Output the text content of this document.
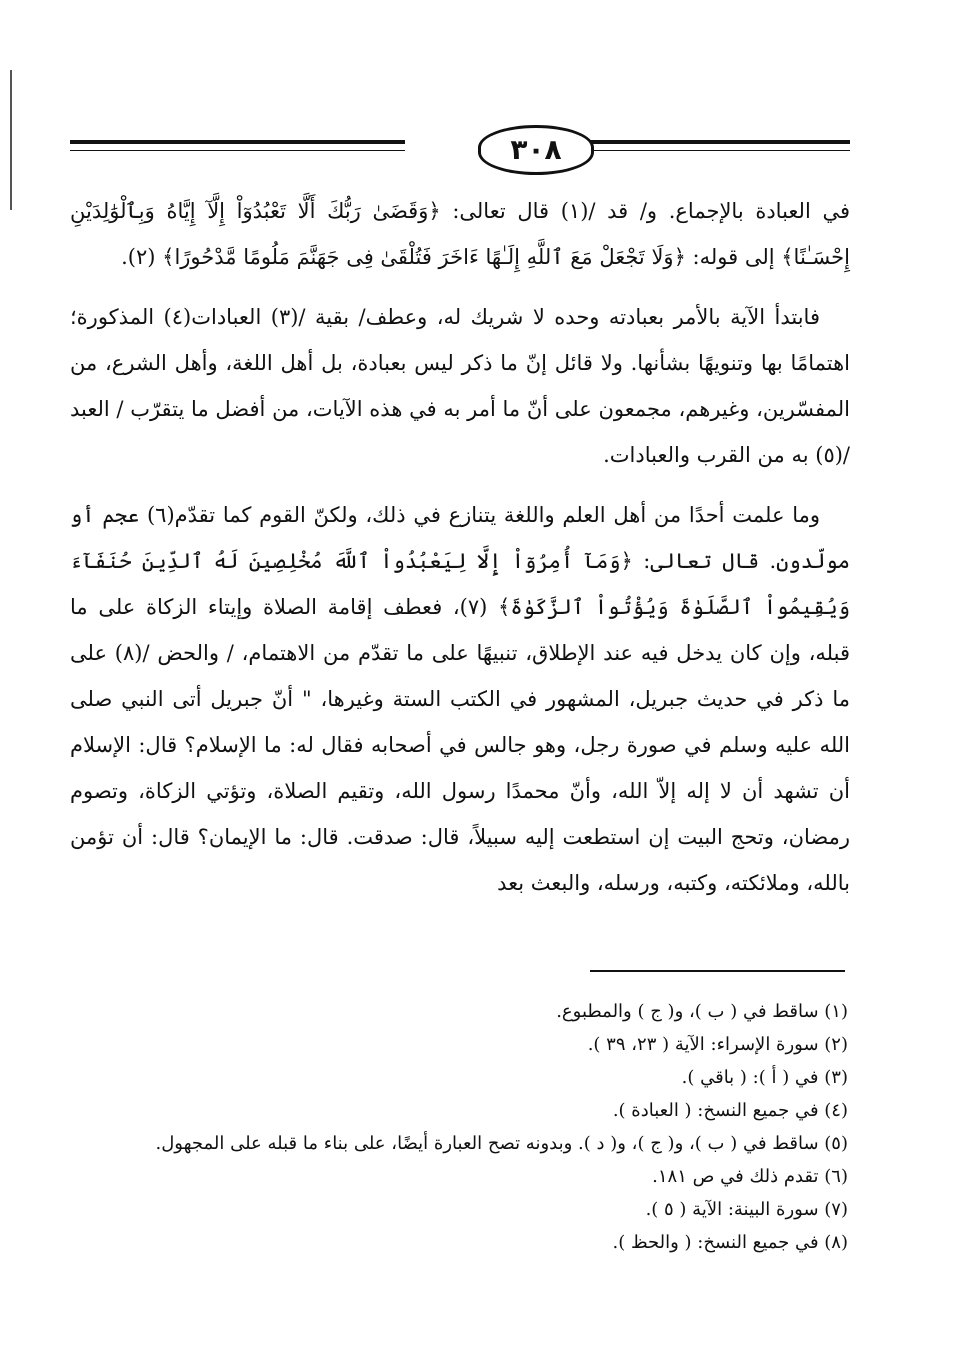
٣٠٨

في العبادة بالإجماع. و/ قد /(١) قال تعالى: ﴿وَقَضَىٰ رَبُّكَ أَلَّا تَعْبُدُوٓاْ إِلَّآ إِيَّاهُ وَبِٱلْوَٰلِدَيْنِ إِحْسَـٰنًا﴾ إلى قوله: ﴿وَلَا تَجْعَلْ مَعَ ٱللَّهِ إِلَـٰهًا ءَاخَرَ فَتُلْقَىٰ فِى جَهَنَّمَ مَلُومًا مَّدْحُورًا﴾ (٢).

فابتدأ الآية بالأمر بعبادته وحده لا شريك له، وعطف/ بقية /(٣) العبادات(٤) المذكورة؛ اهتمامًا بها وتنويهًا بشأنها. ولا قائل إنّ ما ذكر ليس بعبادة، بل أهل اللغة، وأهل الشرع، من المفسّرين، وغيرهم، مجمعون على أنّ ما أمر به في هذه الآيات، من أفضل ما يتقرّب / العبد /(٥) به من القرب والعبادات.

وما علمت أحدًا من أهل العلم واللغة يتنازع في ذلك، ولكنّ القوم كما تقدّم(٦) عجم أو مولّدون. قال تعالى: ﴿وَمَآ أُمِرُوٓاْ إِلَّا لِيَعْبُدُواْ ٱللَّهَ مُخْلِصِينَ لَهُ ٱلدِّينَ حُنَفَآءَ وَيُقِيمُواْ ٱلصَّلَوٰةَ وَيُؤْتُواْ ٱلزَّكَوٰةَ﴾ (٧)، فعطف إقامة الصلاة وإيتاء الزكاة على ما قبله، وإن كان يدخل فيه عند الإطلاق، تنبيهًا على ما تقدّم من الاهتمام، / والحض /(٨) على ما ذكر في حديث جبريل، المشهور في الكتب الستة وغيرها، " أنّ جبريل أتى النبي صلى الله عليه وسلم في صورة رجل، وهو جالس في أصحابه فقال له: ما الإسلام؟ قال: الإسلام أن تشهد أن لا إله إلاّ الله، وأنّ محمدًا رسول الله، وتقيم الصلاة، وتؤتي الزكاة، وتصوم رمضان، وتحج البيت إن استطعت إليه سبيلاً، قال: صدقت. قال: ما الإيمان؟ قال: أن تؤمن بالله، وملائكته، وكتبه، ورسله، والبعث بعد

(١) ساقط في ( ب )، و( ج ) والمطبوع.
(٢) سورة الإسراء: الآية ( ٢٣، ٣٩ ).
(٣) في ( أ ): ( باقي ).
(٤) في جميع النسخ: ( العبادة ).
(٥) ساقط في ( ب )، و( ج )، و( د ). وبدونه تصح العبارة أيضًا، على بناء ما قبله على المجهول.
(٦) تقدم ذلك في ص ١٨١.
(٧) سورة البينة: الآية ( ٥ ).
(٨) في جميع النسخ: ( والحظ ).
